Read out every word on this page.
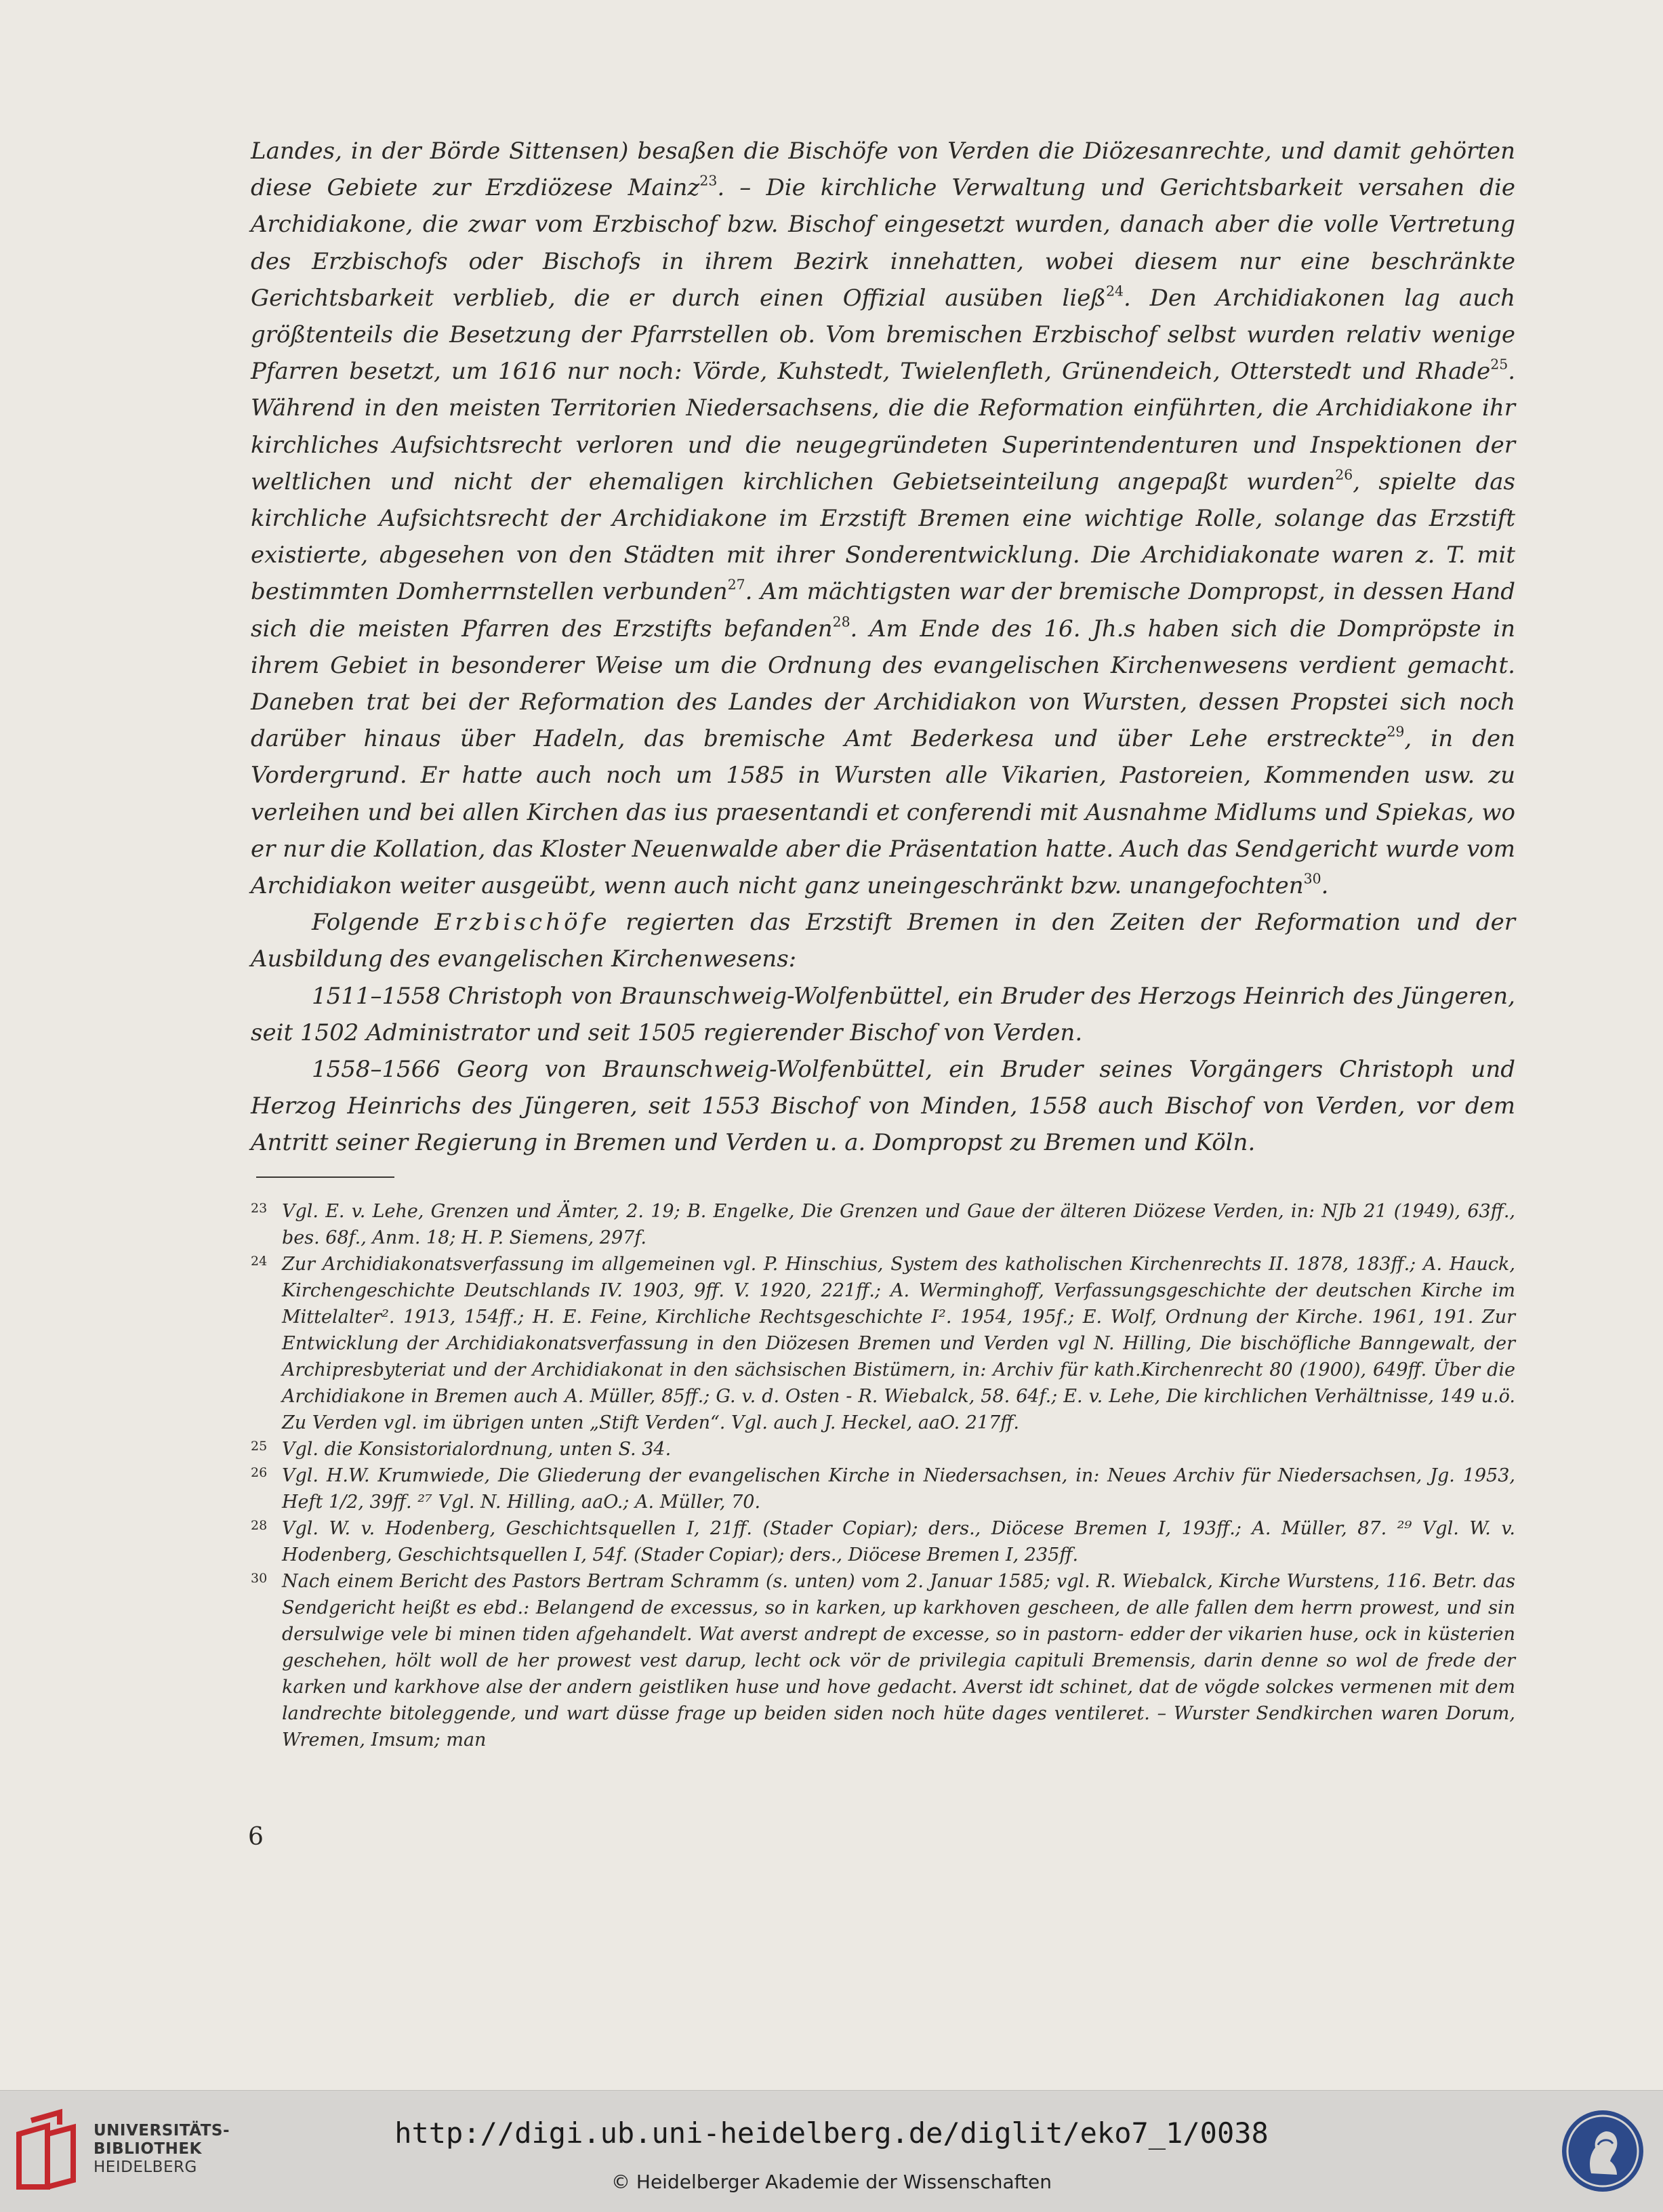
Landes, in der Börde Sittensen) besaßen die Bischöfe von Verden die Diözesanrechte, und damit gehörten diese Gebiete zur Erzdiözese Mainz$^{23}$. – Die kirchliche Verwaltung und Gerichtsbarkeit versahen die Archidiakone, die zwar vom Erzbischof bzw. Bischof eingesetzt wurden, danach aber die volle Vertretung des Erzbischofs oder Bischofs in ihrem Bezirk innehatten, wobei diesem nur eine beschränkte Gerichtsbarkeit verblieb, die er durch einen Offizial ausüben ließ$^{24}$. Den Archidiakonen lag auch größtenteils die Besetzung der Pfarrstellen ob. Vom bremischen Erzbischof selbst wurden relativ wenige Pfarren besetzt, um 1616 nur noch: Vörde, Kuhstedt, Twielenfleth, Grünendeich, Otterstedt und Rhade$^{25}$. Während in den meisten Territorien Niedersachsens, die die Reformation einführten, die Archidiakone ihr kirchliches Aufsichtsrecht verloren und die neugegründeten Superintendenturen und Inspektionen der weltlichen und nicht der ehemaligen kirchlichen Gebietseinteilung angepaßt wurden$^{26}$, spielte das kirchliche Aufsichtsrecht der Archidiakone im Erzstift Bremen eine wichtige Rolle, solange das Erzstift existierte, abgesehen von den Städten mit ihrer Sonderentwicklung. Die Archidiakonate waren z. T. mit bestimmten Domherrnstellen verbunden$^{27}$. Am mächtigsten war der bremische Dompropst, in dessen Hand sich die meisten Pfarren des Erzstifts befanden$^{28}$. Am Ende des 16. Jh.s haben sich die Dompröpste in ihrem Gebiet in besonderer Weise um die Ordnung des evangelischen Kirchenwesens verdient gemacht. Daneben trat bei der Reformation des Landes der Archidiakon von Wursten, dessen Propstei sich noch darüber hinaus über Hadeln, das bremische Amt Bederkesa und über Lehe erstreckte$^{29}$, in den Vordergrund. Er hatte auch noch um 1585 in Wursten alle Vikarien, Pastoreien, Kommenden usw. zu verleihen und bei allen Kirchen das ius praesentandi et conferendi mit Ausnahme Midlums und Spiekas, wo er nur die Kollation, das Kloster Neuenwalde aber die Präsentation hatte. Auch das Sendgericht wurde vom Archidiakon weiter ausgeübt, wenn auch nicht ganz uneingeschränkt bzw. unangefochten$^{30}$.

Folgende Erzbischöfe regierten das Erzstift Bremen in den Zeiten der Reformation und der Ausbildung des evangelischen Kirchenwesens:

1511–1558 Christoph von Braunschweig-Wolfenbüttel, ein Bruder des Herzogs Heinrich des Jüngeren, seit 1502 Administrator und seit 1505 regierender Bischof von Verden.

1558–1566 Georg von Braunschweig-Wolfenbüttel, ein Bruder seines Vorgängers Christoph und Herzog Heinrichs des Jüngeren, seit 1553 Bischof von Minden, 1558 auch Bischof von Verden, vor dem Antritt seiner Regierung in Bremen und Verden u. a. Dompropst zu Bremen und Köln.

23 Vgl. E. v. Lehe, Grenzen und Ämter, 2. 19; B. Engelke, Die Grenzen und Gaue der älteren Diözese Verden, in: NJb 21 (1949), 63ff., bes. 68f., Anm. 18; H. P. Siemens, 297f.

24 Zur Archidiakonatsverfassung im allgemeinen vgl. P. Hinschius, System des katholischen Kirchenrechts II. 1878, 183ff.; A. Hauck, Kirchengeschichte Deutschlands IV. 1903, 9ff. V. 1920, 221ff.; A. Werminghoff, Verfassungsgeschichte der deutschen Kirche im Mittelalter². 1913, 154ff.; H. E. Feine, Kirchliche Rechtsgeschichte I². 1954, 195f.; E. Wolf, Ordnung der Kirche. 1961, 191. Zur Entwicklung der Archidiakonatsverfassung in den Diözesen Bremen und Verden vgl N. Hilling, Die bischöfliche Banngewalt, der Archipresbyteriat und der Archidiakonat in den sächsischen Bistümern, in: Archiv für kath.Kirchenrecht 80 (1900), 649ff. Über die Archidiakone in Bremen auch A. Müller, 85ff.; G. v. d. Osten - R. Wiebalck, 58. 64f.; E. v. Lehe, Die kirchlichen Verhältnisse, 149 u.ö. Zu Verden vgl. im übrigen unten „Stift Verden“. Vgl. auch J. Heckel, aaO. 217ff.

25 Vgl. die Konsistorialordnung, unten S. 34.

26 Vgl. H.W. Krumwiede, Die Gliederung der evangelischen Kirche in Niedersachsen, in: Neues Archiv für Niedersachsen, Jg. 1953, Heft 1/2, 39ff. ²⁷ Vgl. N. Hilling, aaO.; A. Müller, 70.

28 Vgl. W. v. Hodenberg, Geschichtsquellen I, 21ff. (Stader Copiar); ders., Diöcese Bremen I, 193ff.; A. Müller, 87. ²⁹ Vgl. W. v. Hodenberg, Geschichtsquellen I, 54f. (Stader Copiar); ders., Diöcese Bremen I, 235ff.

30 Nach einem Bericht des Pastors Bertram Schramm (s. unten) vom 2. Januar 1585; vgl. R. Wiebalck, Kirche Wurstens, 116. Betr. das Sendgericht heißt es ebd.: Belangend de excessus, so in karken, up karkhoven gescheen, de alle fallen dem herrn prowest, und sin dersulwige vele bi minen tiden afgehandelt. Wat averst andrept de excesse, so in pastorn- edder der vikarien huse, ock in küsterien geschehen, hölt woll de her prowest vest darup, lecht ock vör de privilegia capituli Bremensis, darin denne so wol de frede der karken und karkhove alse der andern geistliken huse und hove gedacht. Averst idt schinet, dat de vögde solckes vermenen mit dem landrechte bitoleggende, und wart düsse frage up beiden siden noch hüte dages ventileret. – Wurster Sendkirchen waren Dorum, Wremen, Imsum; man

6
UNIVERSITÄTS-
BIBLIOTHEK
HEIDELBERG
http://digi.ub.uni-heidelberg.de/diglit/eko7_1/0038
© Heidelberger Akademie der Wissenschaften
